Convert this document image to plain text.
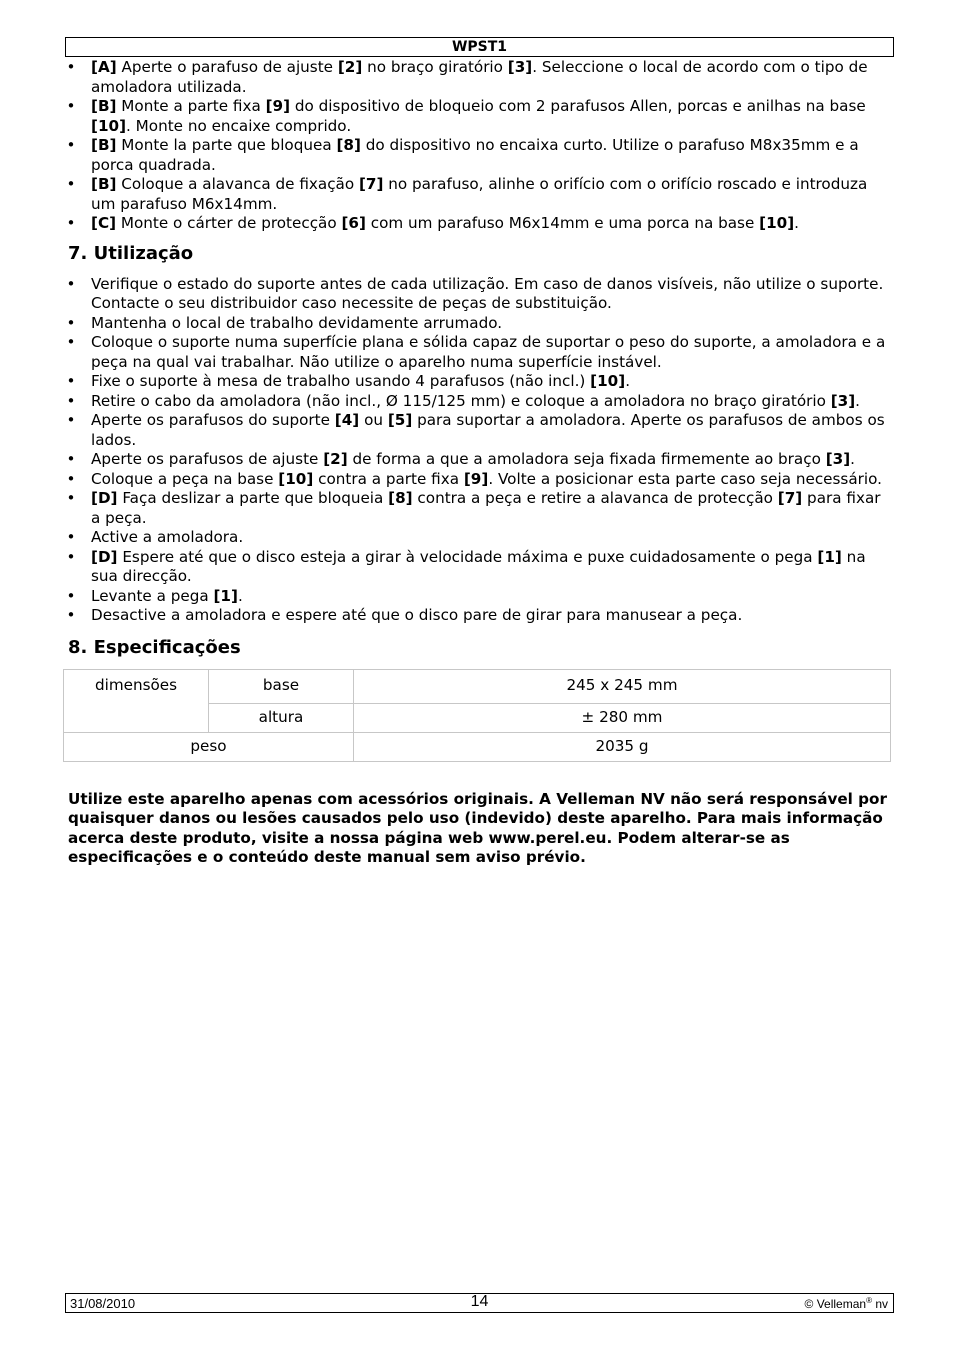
WPST1
• [A] Aperte o parafuso de ajuste [2] no braço giratório [3]. Seleccione o local de acordo com o tipo de amoladora utilizada.
• [B] Monte a parte fixa [9] do dispositivo de bloqueio com 2 parafusos Allen, porcas e anilhas na base [10]. Monte no encaixe comprido.
• [B] Monte la parte que bloquea [8] do dispositivo no encaixa curto. Utilize o parafuso M8x35mm e a porca quadrada.
• [B] Coloque a alavanca de fixação [7] no parafuso, alinhe o orifício com o orifício roscado e introduza um parafuso M6x14mm.
• [C] Monte o cárter de protecção [6] com um parafuso M6x14mm e uma porca na base [10].
7. Utilização
• Verifique o estado do suporte antes de cada utilização. Em caso de danos visíveis, não utilize o suporte. Contacte o seu distribuidor caso necessite de peças de substituição.
• Mantenha o local de trabalho devidamente arrumado.
• Coloque o suporte numa superfície plana e sólida capaz de suportar o peso do suporte, a amoladora e a peça na qual vai trabalhar. Não utilize o aparelho numa superfície instável.
• Fixe o suporte à mesa de trabalho usando 4 parafusos (não incl.) [10].
• Retire o cabo da amoladora (não incl., Ø 115/125 mm) e coloque a amoladora no braço giratório [3].
• Aperte os parafusos do suporte [4] ou [5] para suportar a amoladora. Aperte os parafusos de ambos os lados.
• Aperte os parafusos de ajuste [2] de forma a que a amoladora seja fixada firmemente ao braço [3].
• Coloque a peça na base [10] contra a parte fixa [9]. Volte a posicionar esta parte caso seja necessário.
• [D] Faça deslizar a parte que bloqueia [8] contra a peça e retire a alavanca de protecção [7] para fixar a peça.
• Active a amoladora.
• [D] Espere até que o disco esteja a girar à velocidade máxima e puxe cuidadosamente o pega [1] na sua direcção.
• Levante a pega [1].
• Desactive a amoladora e espere até que o disco pare de girar para manusear a peça.
8. Especificações
dimensões	base	245 x 245 mm
	altura	± 280 mm
peso		2035 g
Utilize este aparelho apenas com acessórios originais. A Velleman NV não será responsável por quaisquer danos ou lesões causados pelo uso (indevido) deste aparelho. Para mais informação acerca deste produto, visite a nossa página web www.perel.eu. Podem alterar-se as especificações e o conteúdo deste manual sem aviso prévio.
31/08/2010	14	© Velleman® nv
